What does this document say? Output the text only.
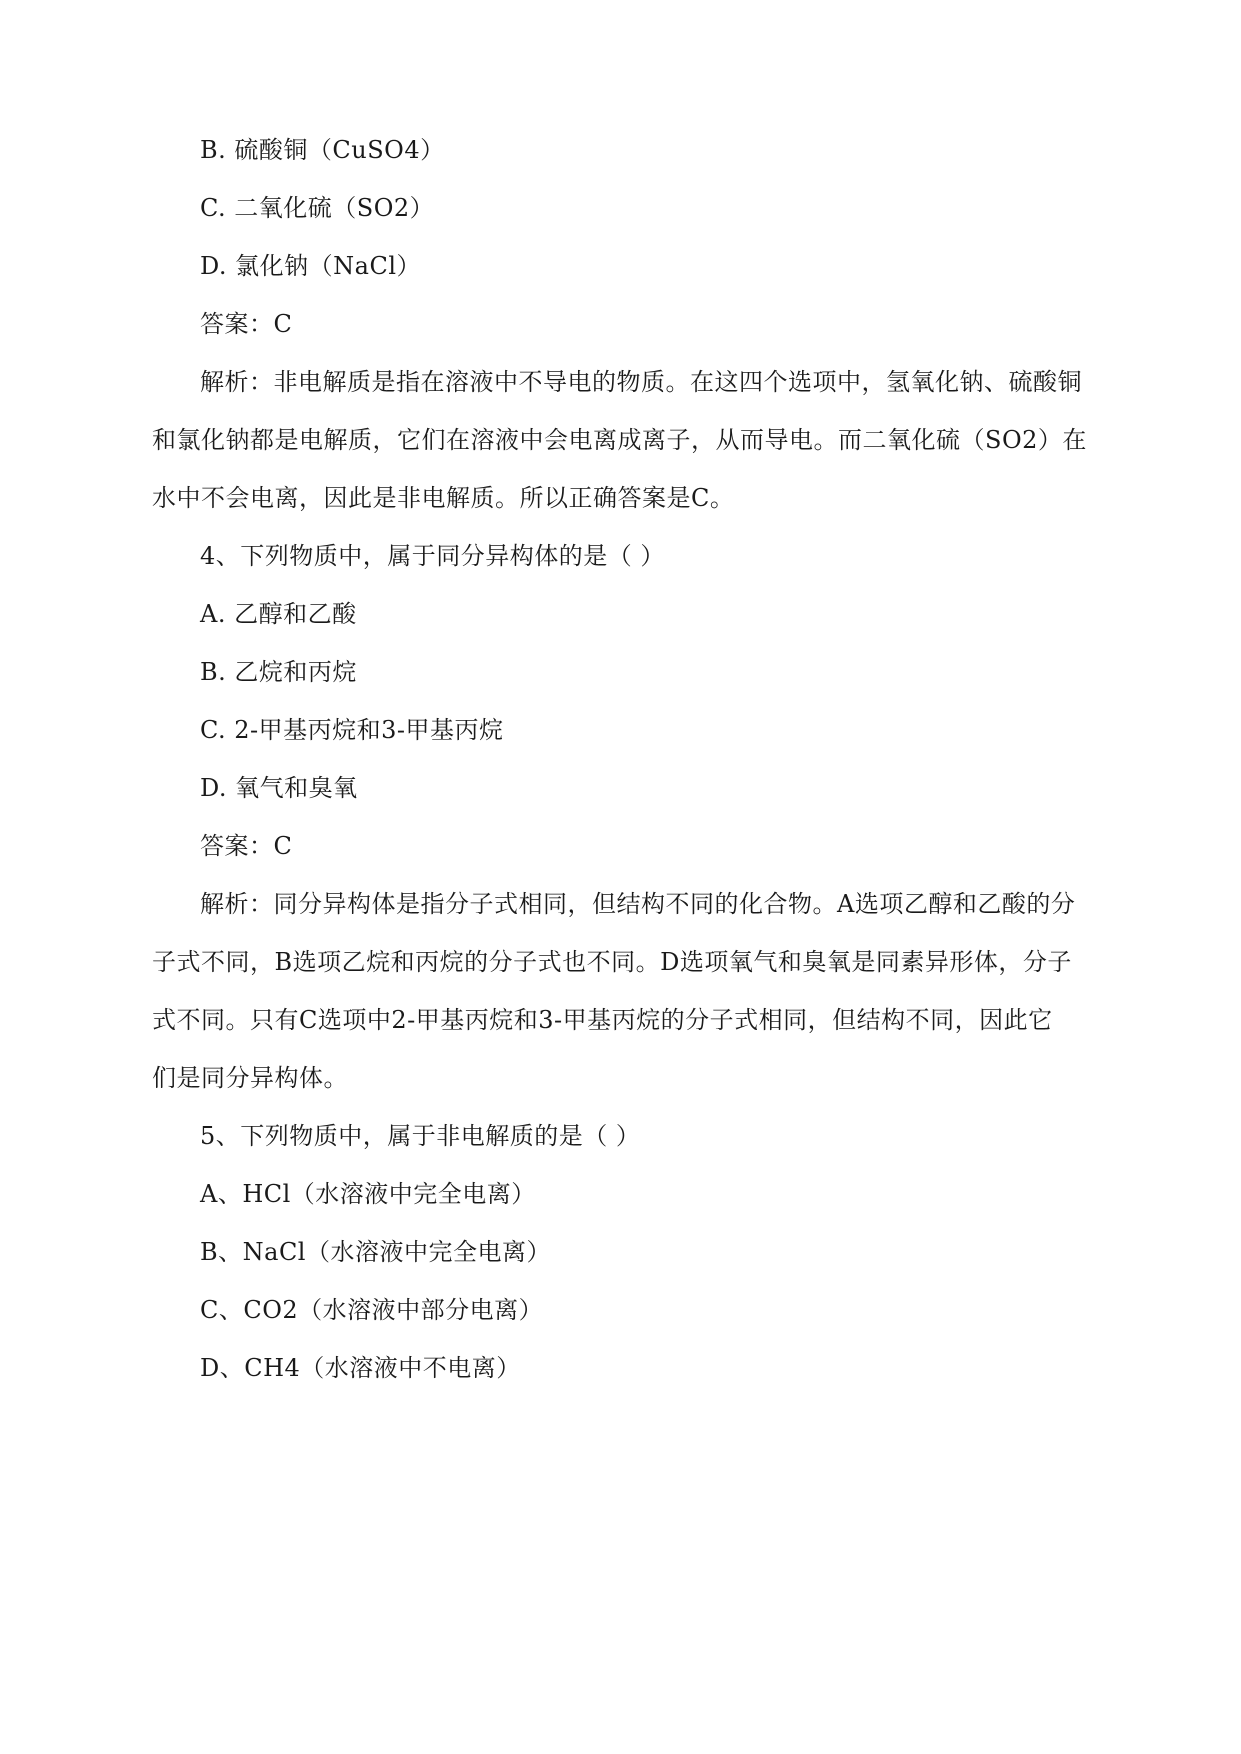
B. 硫酸铜（CuSO4）
C. 二氧化硫（SO2）
D. 氯化钠（NaCl）
答案：C
解析：非电解质是指在溶液中不导电的物质。在这四个选项中，氢氧化钠、硫酸铜
和氯化钠都是电解质，它们在溶液中会电离成离子，从而导电。而二氧化硫（SO2）在
水中不会电离，因此是非电解质。所以正确答案是C。
4、下列物质中，属于同分异构体的是（ ）
A. 乙醇和乙酸
B. 乙烷和丙烷
C. 2-甲基丙烷和3-甲基丙烷
D. 氧气和臭氧
答案：C
解析：同分异构体是指分子式相同，但结构不同的化合物。A选项乙醇和乙酸的分
子式不同，B选项乙烷和丙烷的分子式也不同。D选项氧气和臭氧是同素异形体，分子
式不同。只有C选项中2-甲基丙烷和3-甲基丙烷的分子式相同，但结构不同，因此它
们是同分异构体。
5、下列物质中，属于非电解质的是（ ）
A、HCl（水溶液中完全电离）
B、NaCl（水溶液中完全电离）
C、CO2（水溶液中部分电离）
D、CH4（水溶液中不电离）
